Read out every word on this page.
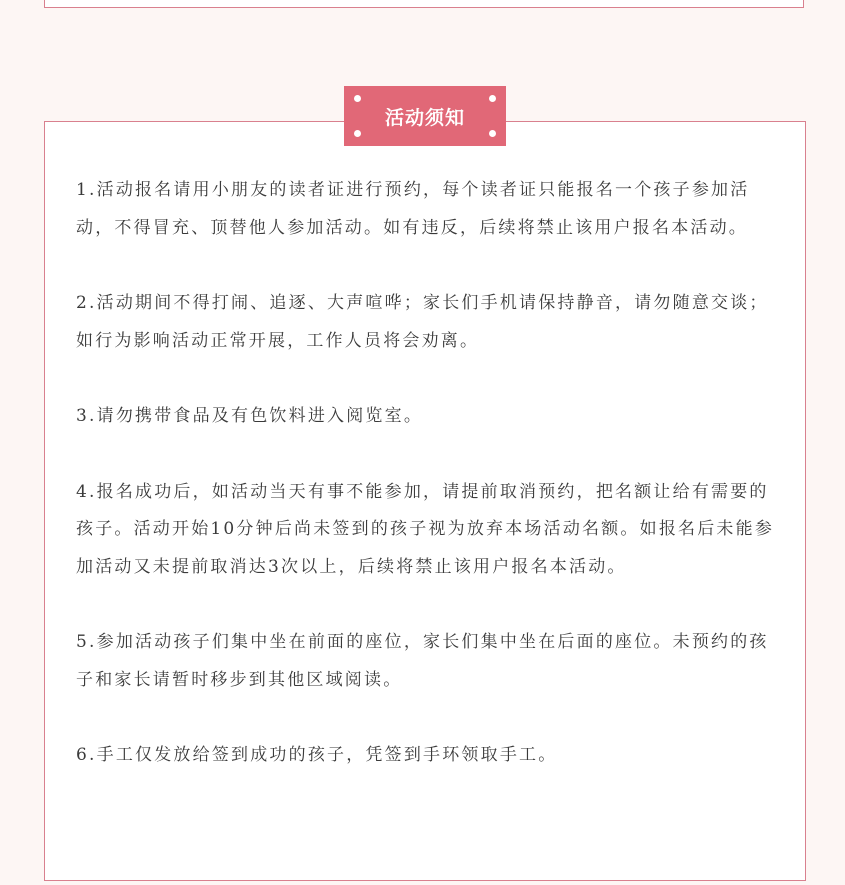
活动须知

1.活动报名请用小朋友的读者证进行预约，每个读者证只能报名一个孩子参加活动，不得冒充、顶替他人参加活动。如有违反，后续将禁止该用户报名本活动。

2.活动期间不得打闹、追逐、大声喧哗；家长们手机请保持静音，请勿随意交谈；如行为影响活动正常开展，工作人员将会劝离。

3.请勿携带食品及有色饮料进入阅览室。

4.报名成功后，如活动当天有事不能参加，请提前取消预约，把名额让给有需要的孩子。活动开始10分钟后尚未签到的孩子视为放弃本场活动名额。如报名后未能参加活动又未提前取消达3次以上，后续将禁止该用户报名本活动。

5.参加活动孩子们集中坐在前面的座位，家长们集中坐在后面的座位。未预约的孩子和家长请暂时移步到其他区域阅读。

6.手工仅发放给签到成功的孩子，凭签到手环领取手工。
